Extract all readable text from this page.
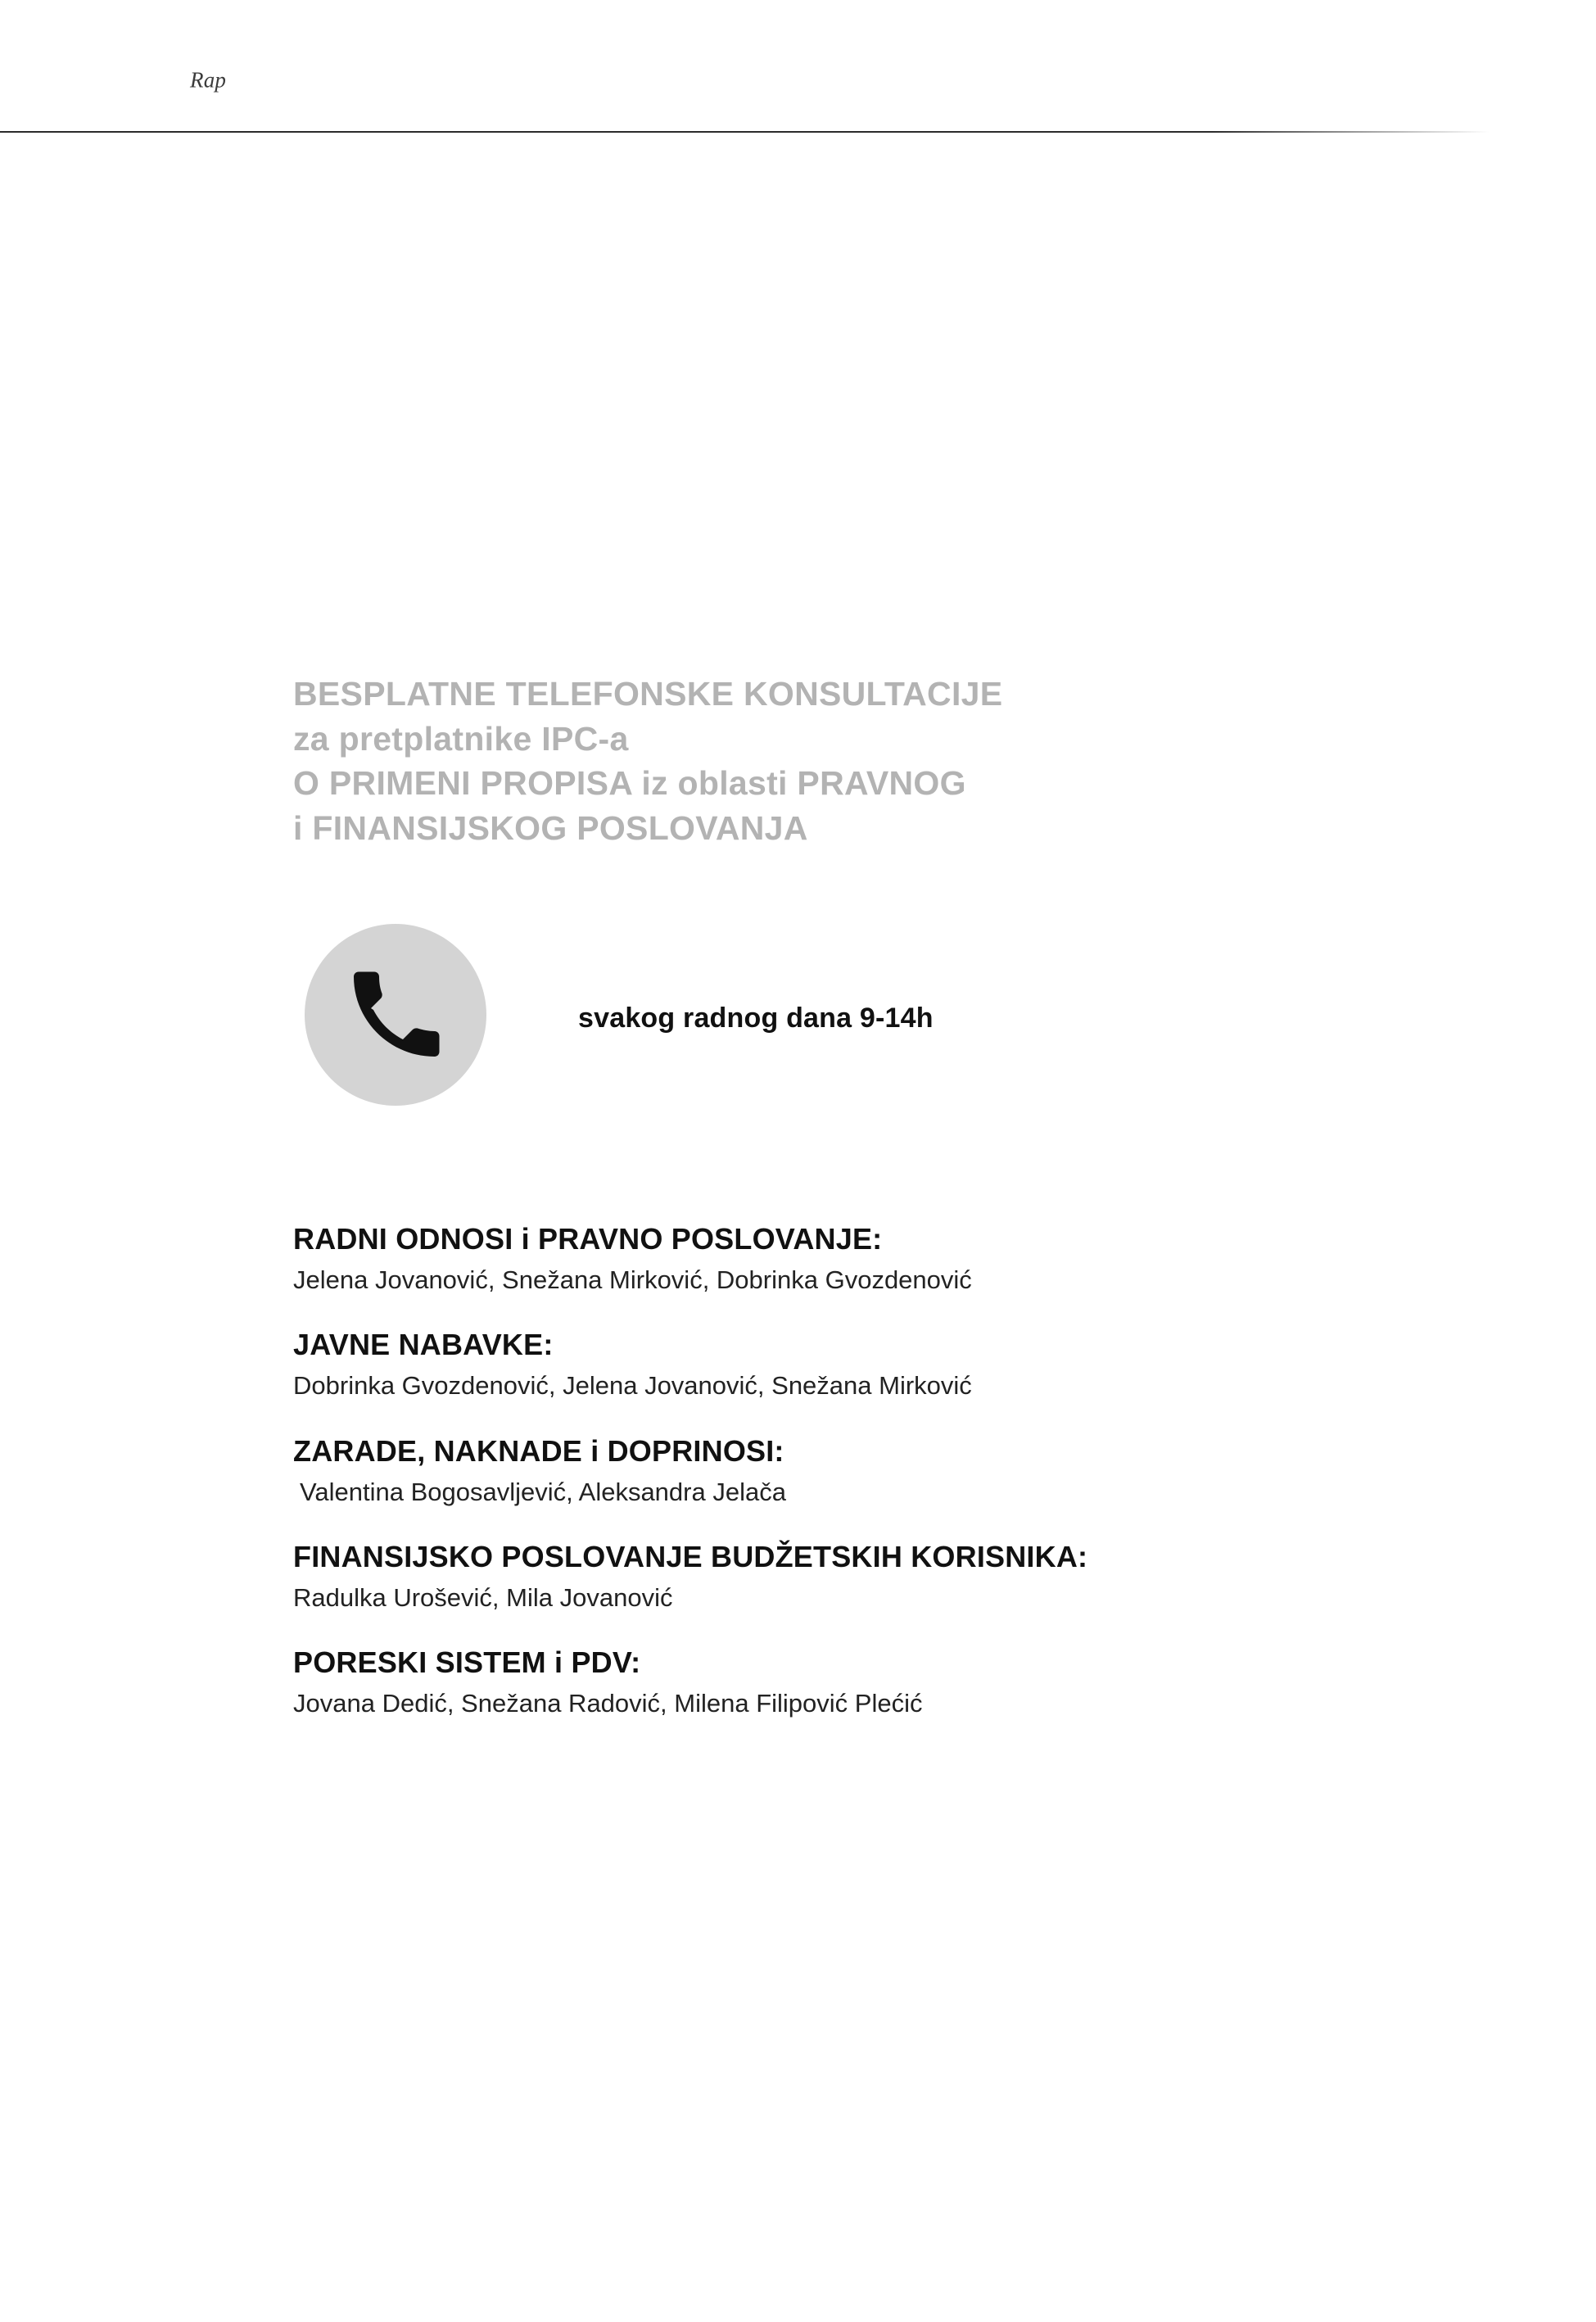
Rap
BESPLATNE TELEFONSKE KONSULTACIJE
za pretplatnike IPC-a
O PRIMENI PROPISA iz oblasti PRAVNOG
i FINANSIJSKOG POSLOVANJA
svakog radnog dana 9-14h

RADNI ODNOSI i PRAVNO POSLOVANJE:

Jelena Jovanović, Snežana Mirković, Dobrinka Gvozdenović

JAVNE NABAVKE:

Dobrinka Gvozdenović, Jelena Jovanović, Snežana Mirković

ZARADE, NAKNADE i DOPRINOSI:

Valentina Bogosavljević, Aleksandra Jelača

FINANSIJSKO POSLOVANJE BUDŽETSKIH KORISNIKA:

Radulka Urošević, Mila Jovanović

PORESKI SISTEM i PDV:

Jovana Dedić, Snežana Radović, Milena Filipović Plećić
